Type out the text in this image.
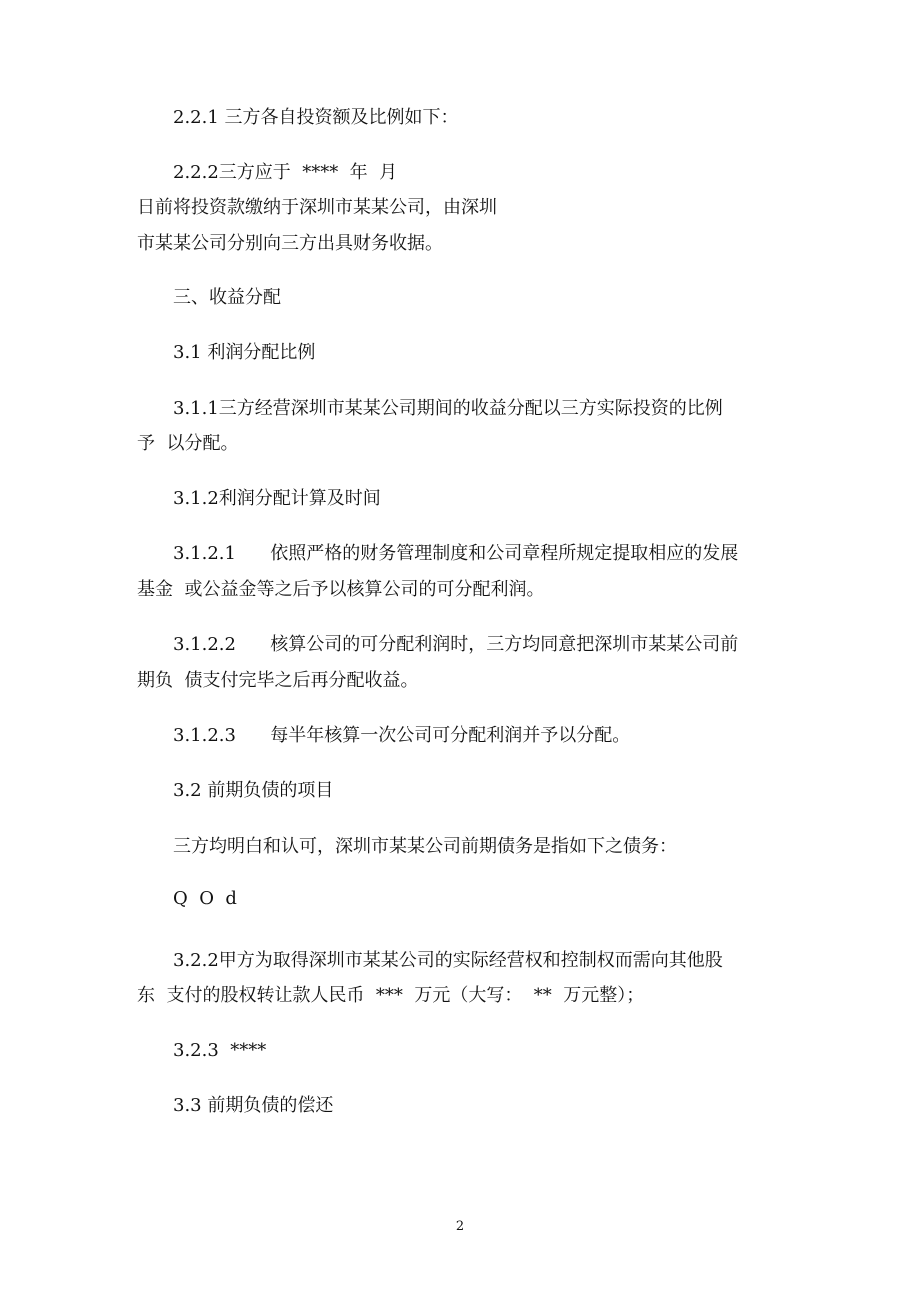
2.2.1 三方各自投资额及比例如下：
2.2.2三方应于  ****  年  月
日前将投资款缴纳于深圳市某某公司，由深圳
市某某公司分别向三方出具财务收据。
三、收益分配
3.1 利润分配比例
3.1.1三方经营深圳市某某公司期间的收益分配以三方实际投资的比例
予  以分配。
3.1.2利润分配计算及时间
3.1.2.1      依照严格的财务管理制度和公司章程所规定提取相应的发展
基金  或公益金等之后予以核算公司的可分配利润。
3.1.2.2      核算公司的可分配利润时，三方均同意把深圳市某某公司前
期负  债支付完毕之后再分配收益。
3.1.2.3      每半年核算一次公司可分配利润并予以分配。
3.2 前期负债的项目
三方均明白和认可，深圳市某某公司前期债务是指如下之债务：
Q  O  d
3.2.2甲方为取得深圳市某某公司的实际经营权和控制权而需向其他股
东  支付的股权转让款人民币  ***  万元（大写：  **  万元整）；
3.2.3  ****
3.3 前期负债的偿还
2
